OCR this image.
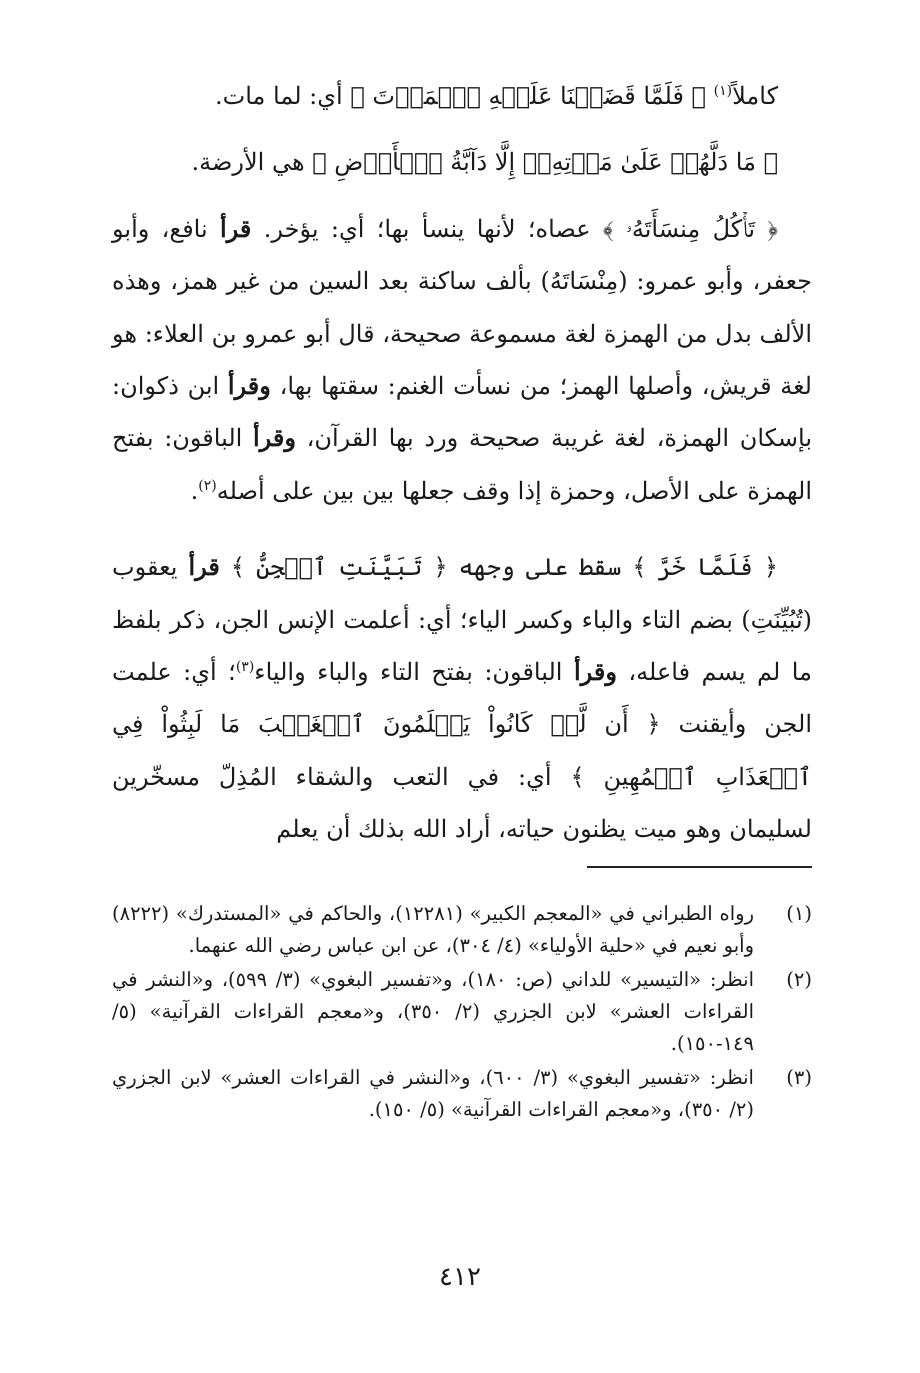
كاملاً$^{(١)}$ ﴿ فَلَمَّا قَضَيۡنَا عَلَيۡهِ ٱلۡمَوۡتَ ﴾ أي: لما مات.

﴿ مَا دَلَّهُمۡ عَلَىٰ مَوۡتِهِۦٓ إِلَّا دَآبَّةُ ٱلۡأَرۡضِ ﴾ هي الأرضة.

﴿ تَأۡكُلُ مِنسَأَتَهُۥ ﴾ عصاه؛ لأنها ينسأ بها؛ أي: يؤخر. قرأ نافع، وأبو جعفر، وأبو عمرو: (مِنْسَاتَهُ) بألف ساكنة بعد السين من غير همز، وهذه الألف بدل من الهمزة لغة مسموعة صحيحة، قال أبو عمرو بن العلاء: هو لغة قريش، وأصلها الهمز؛ من نسأت الغنم: سقتها بها، وقرأ ابن ذكوان: بإسكان الهمزة، لغة غريبة صحيحة ورد بها القرآن، وقرأ الباقون: بفتح الهمزة على الأصل، وحمزة إذا وقف جعلها بين بين على أصله$^{(٢)}$.

﴿ فَلَمَّا خَرَّ ﴾ سقط على وجهه ﴿ تَبَيَّنَتِ ٱلۡجِنُّ ﴾ قرأ يعقوب (تُبُيِّنَتِ) بضم التاء والباء وكسر الياء؛ أي: أعلمت الإنس الجن، ذكر بلفظ ما لم يسم فاعله، وقرأ الباقون: بفتح التاء والباء والياء$^{(٣)}$؛ أي: علمت الجن وأيقنت ﴿ أَن لَّوۡ كَانُواْ يَعۡلَمُونَ ٱلۡغَيۡبَ مَا لَبِثُواْ فِي ٱلۡعَذَابِ ٱلۡمُهِينِ ﴾ أي: في التعب والشقاء المُذِلّ مسخّرين لسليمان وهو ميت يظنون حياته، أراد الله بذلك أن يعلم

(١)
رواه الطبراني في «المعجم الكبير» (١٢٢٨١)، والحاكم في «المستدرك» (٨٢٢٢) وأبو نعيم في «حلية الأولياء» (٤/ ٣٠٤)، عن ابن عباس رضي الله عنهما.
(٢)
انظر: «التيسير» للداني (ص: ١٨٠)، و«تفسير البغوي» (٣/ ٥٩٩)، و«النشر في القراءات العشر» لابن الجزري (٢/ ٣٥٠)، و«معجم القراءات القرآنية» (٥/ ١٤٩-١٥٠).
(٣)
انظر: «تفسير البغوي» (٣/ ٦٠٠)، و«النشر في القراءات العشر» لابن الجزري (٢/ ٣٥٠)، و«معجم القراءات القرآنية» (٥/ ١٥٠).
٤١٢
